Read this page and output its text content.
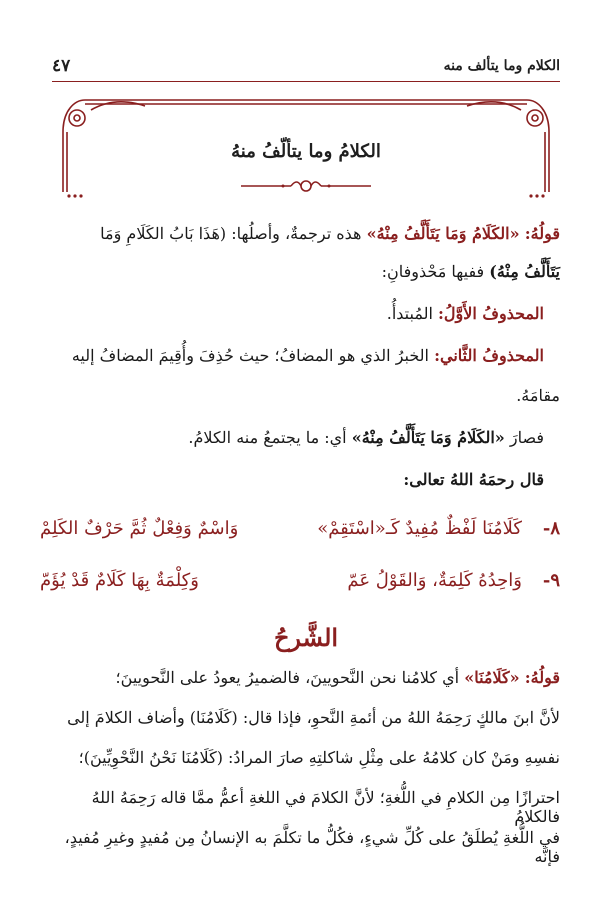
الكلام وما يتألف منه
٤٧
الكلامُ وما يتألّفُ منهُ
قولُهُ: «الكَلَامُ وَمَا يَتَأَلَّفُ مِنْهُ» هذه ترجمةٌ، وأصلُها: (هَذَا بَابُ الكَلَامِ وَمَا
يَتَأَلَّفُ مِنْهُ) ففيها مَحْذوفانِ:
المحذوفُ الأَوَّلُ: المُبتدأُ.
المحذوفُ الثَّاني: الخبرُ الذي هو المضافُ؛ حيث حُذِفَ وأُقِيمَ المضافُ إليه
مقامَهُ.
فصارَ «الكَلَامُ وَمَا يَتَأَلَّفُ مِنْهُ» أي: ما يجتمعُ منه الكلامُ.
قال رحمَهُ اللهُ تعالى:
٨-
كَلَامُنَا لَفْظٌ مُفِيدٌ كَـ«اسْتَقِمْ»
وَاسْمٌ وَفِعْلٌ ثُمَّ حَرْفٌ الكَلِمْ
٩-
وَاحِدُهُ كَلِمَةٌ، وَالقَوْلُ عَمّ
وَكِلْمَةٌ بِهَا كَلَامٌ قَدْ يُؤَمّ
الشَّرحُ
قولُهُ: «كَلَامُنَا» أي كلامُنا نحن النَّحويينَ، فالضميرُ يعودُ على النَّحويينَ؛
لأنَّ ابنَ مالكٍ رَحِمَهُ اللهُ من أئمةِ النَّحوِ، فإذا قال: (كَلَامُنَا) وأضاف الكلامَ إلى
نفسِهِ ومَنْ كان كلامُهُ على مِثْلِ شاكلتِهِ صارَ المرادُ: (كَلَامُنَا نَحْنُ النَّحْوِيِّينَ)؛
احترازًا مِن الكلامِ في اللُّغةِ؛ لأنَّ الكلامَ في اللغةِ أعمُّ ممَّا قاله رَحِمَهُ اللهُ فالكلامُ
في اللُّغةِ يُطلَقُ على كُلِّ شيءٍ، فكُلُّ ما تكلَّمَ به الإنسانُ مِن مُفيدٍ وغيرِ مُفيدٍ، فإنَّه
